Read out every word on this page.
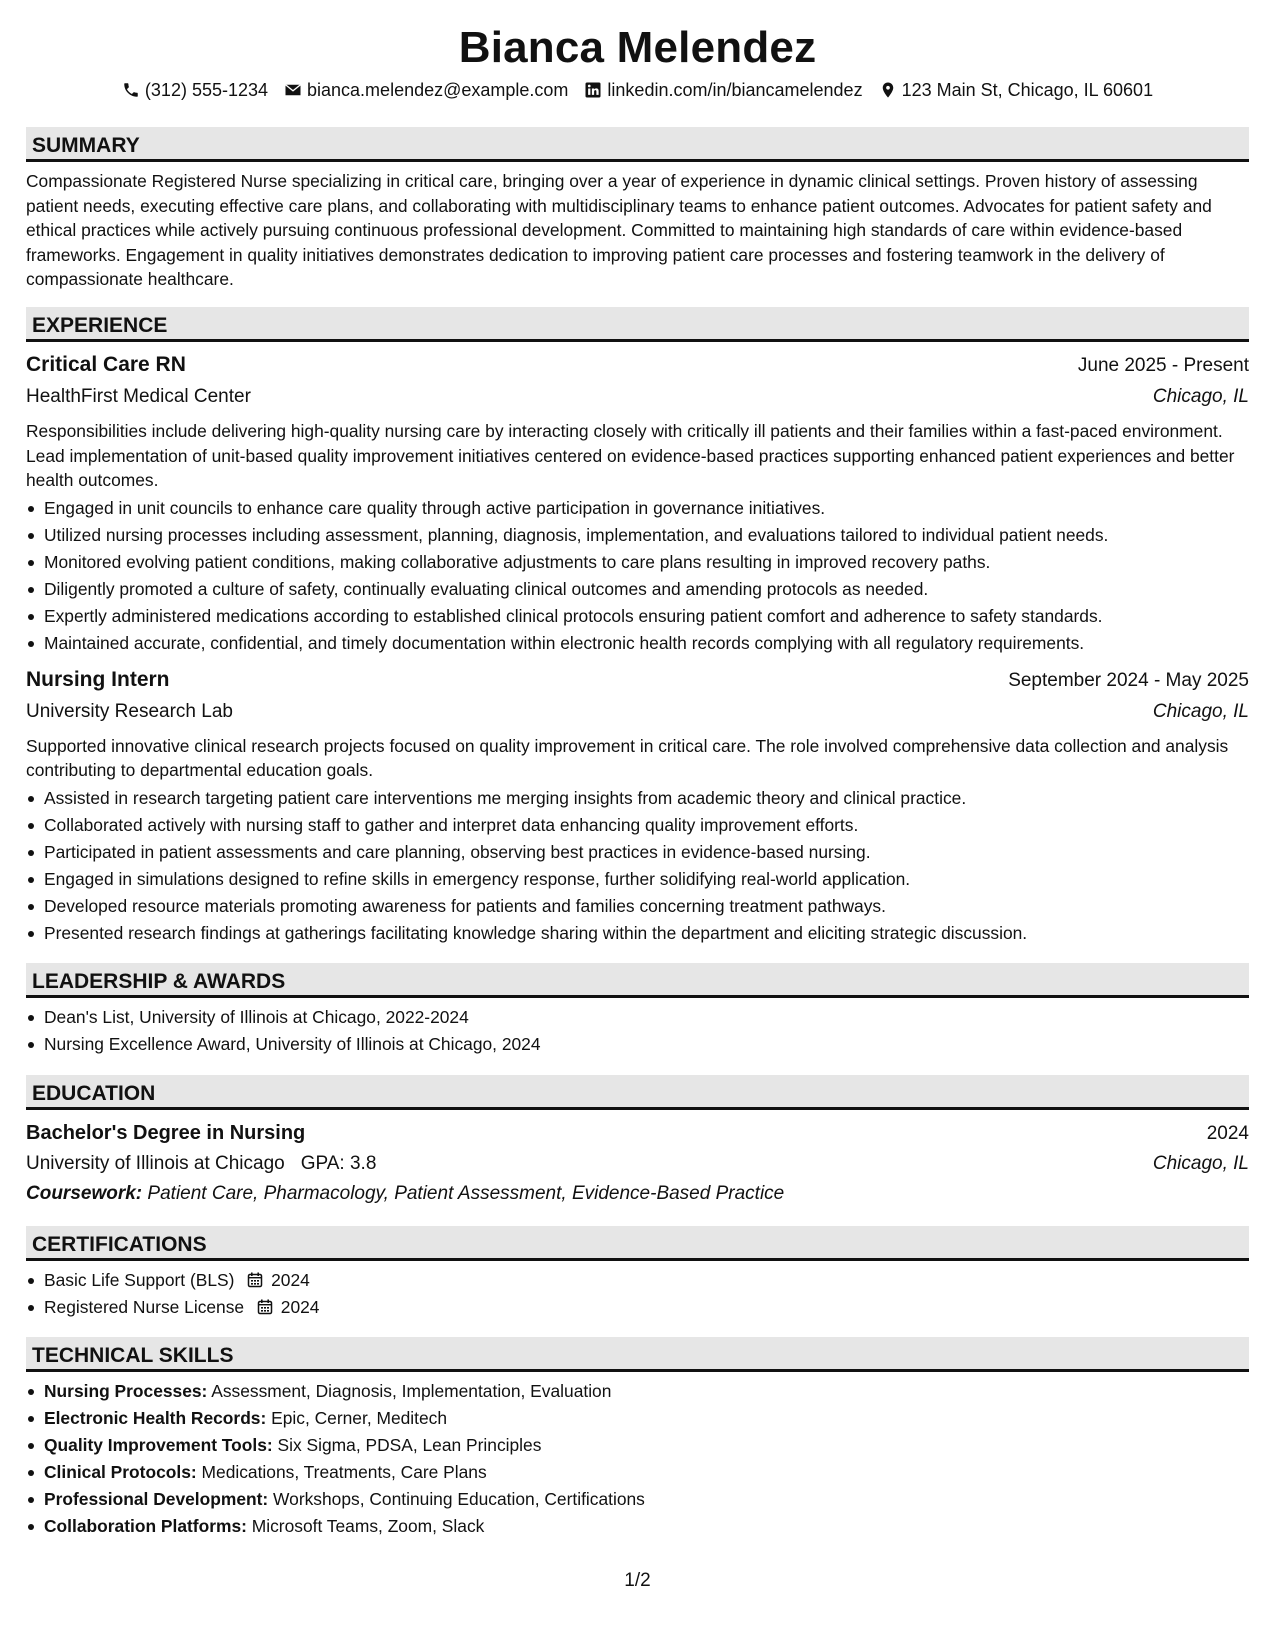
Bianca Melendez
(312) 555-1234 bianca.melendez@example.com linkedin.com/in/biancamelendez 123 Main St, Chicago, IL 60601
SUMMARY

Compassionate Registered Nurse specializing in critical care, bringing over a year of experience in dynamic clinical settings. Proven history of assessing patient needs, executing effective care plans, and collaborating with multidisciplinary teams to enhance patient outcomes. Advocates for patient safety and ethical practices while actively pursuing continuous professional development. Committed to maintaining high standards of care within evidence-based frameworks. Engagement in quality initiatives demonstrates dedication to improving patient care processes and fostering teamwork in the delivery of compassionate healthcare.

EXPERIENCE
Critical Care RN	June 2025 - Present
HealthFirst Medical Center	Chicago, IL

Responsibilities include delivering high-quality nursing care by interacting closely with critically ill patients and their families within a fast-paced environment. Lead implementation of unit-based quality improvement initiatives centered on evidence-based practices supporting enhanced patient experiences and better health outcomes.

Engaged in unit councils to enhance care quality through active participation in governance initiatives.
Utilized nursing processes including assessment, planning, diagnosis, implementation, and evaluations tailored to individual patient needs.
Monitored evolving patient conditions, making collaborative adjustments to care plans resulting in improved recovery paths.
Diligently promoted a culture of safety, continually evaluating clinical outcomes and amending protocols as needed.
Expertly administered medications according to established clinical protocols ensuring patient comfort and adherence to safety standards.
Maintained accurate, confidential, and timely documentation within electronic health records complying with all regulatory requirements.
Nursing Intern	September 2024 - May 2025
University Research Lab	Chicago, IL

Supported innovative clinical research projects focused on quality improvement in critical care. The role involved comprehensive data collection and analysis contributing to departmental education goals.

Assisted in research targeting patient care interventions me merging insights from academic theory and clinical practice.
Collaborated actively with nursing staff to gather and interpret data enhancing quality improvement efforts.
Participated in patient assessments and care planning, observing best practices in evidence-based nursing.
Engaged in simulations designed to refine skills in emergency response, further solidifying real-world application.
Developed resource materials promoting awareness for patients and families concerning treatment pathways.
Presented research findings at gatherings facilitating knowledge sharing within the department and eliciting strategic discussion.
LEADERSHIP & AWARDS
Dean's List, University of Illinois at Chicago, 2022-2024
Nursing Excellence Award, University of Illinois at Chicago, 2024
EDUCATION
Bachelor's Degree in Nursing	2024
University of Illinois at Chicago GPA: 3.8	Chicago, IL
Coursework: Patient Care, Pharmacology, Patient Assessment, Evidence-Based Practice
CERTIFICATIONS
Basic Life Support (BLS) 2024
Registered Nurse License 2024
TECHNICAL SKILLS
Nursing Processes: Assessment, Diagnosis, Implementation, Evaluation
Electronic Health Records: Epic, Cerner, Meditech
Quality Improvement Tools: Six Sigma, PDSA, Lean Principles
Clinical Protocols: Medications, Treatments, Care Plans
Professional Development: Workshops, Continuing Education, Certifications
Collaboration Platforms: Microsoft Teams, Zoom, Slack
1/2
